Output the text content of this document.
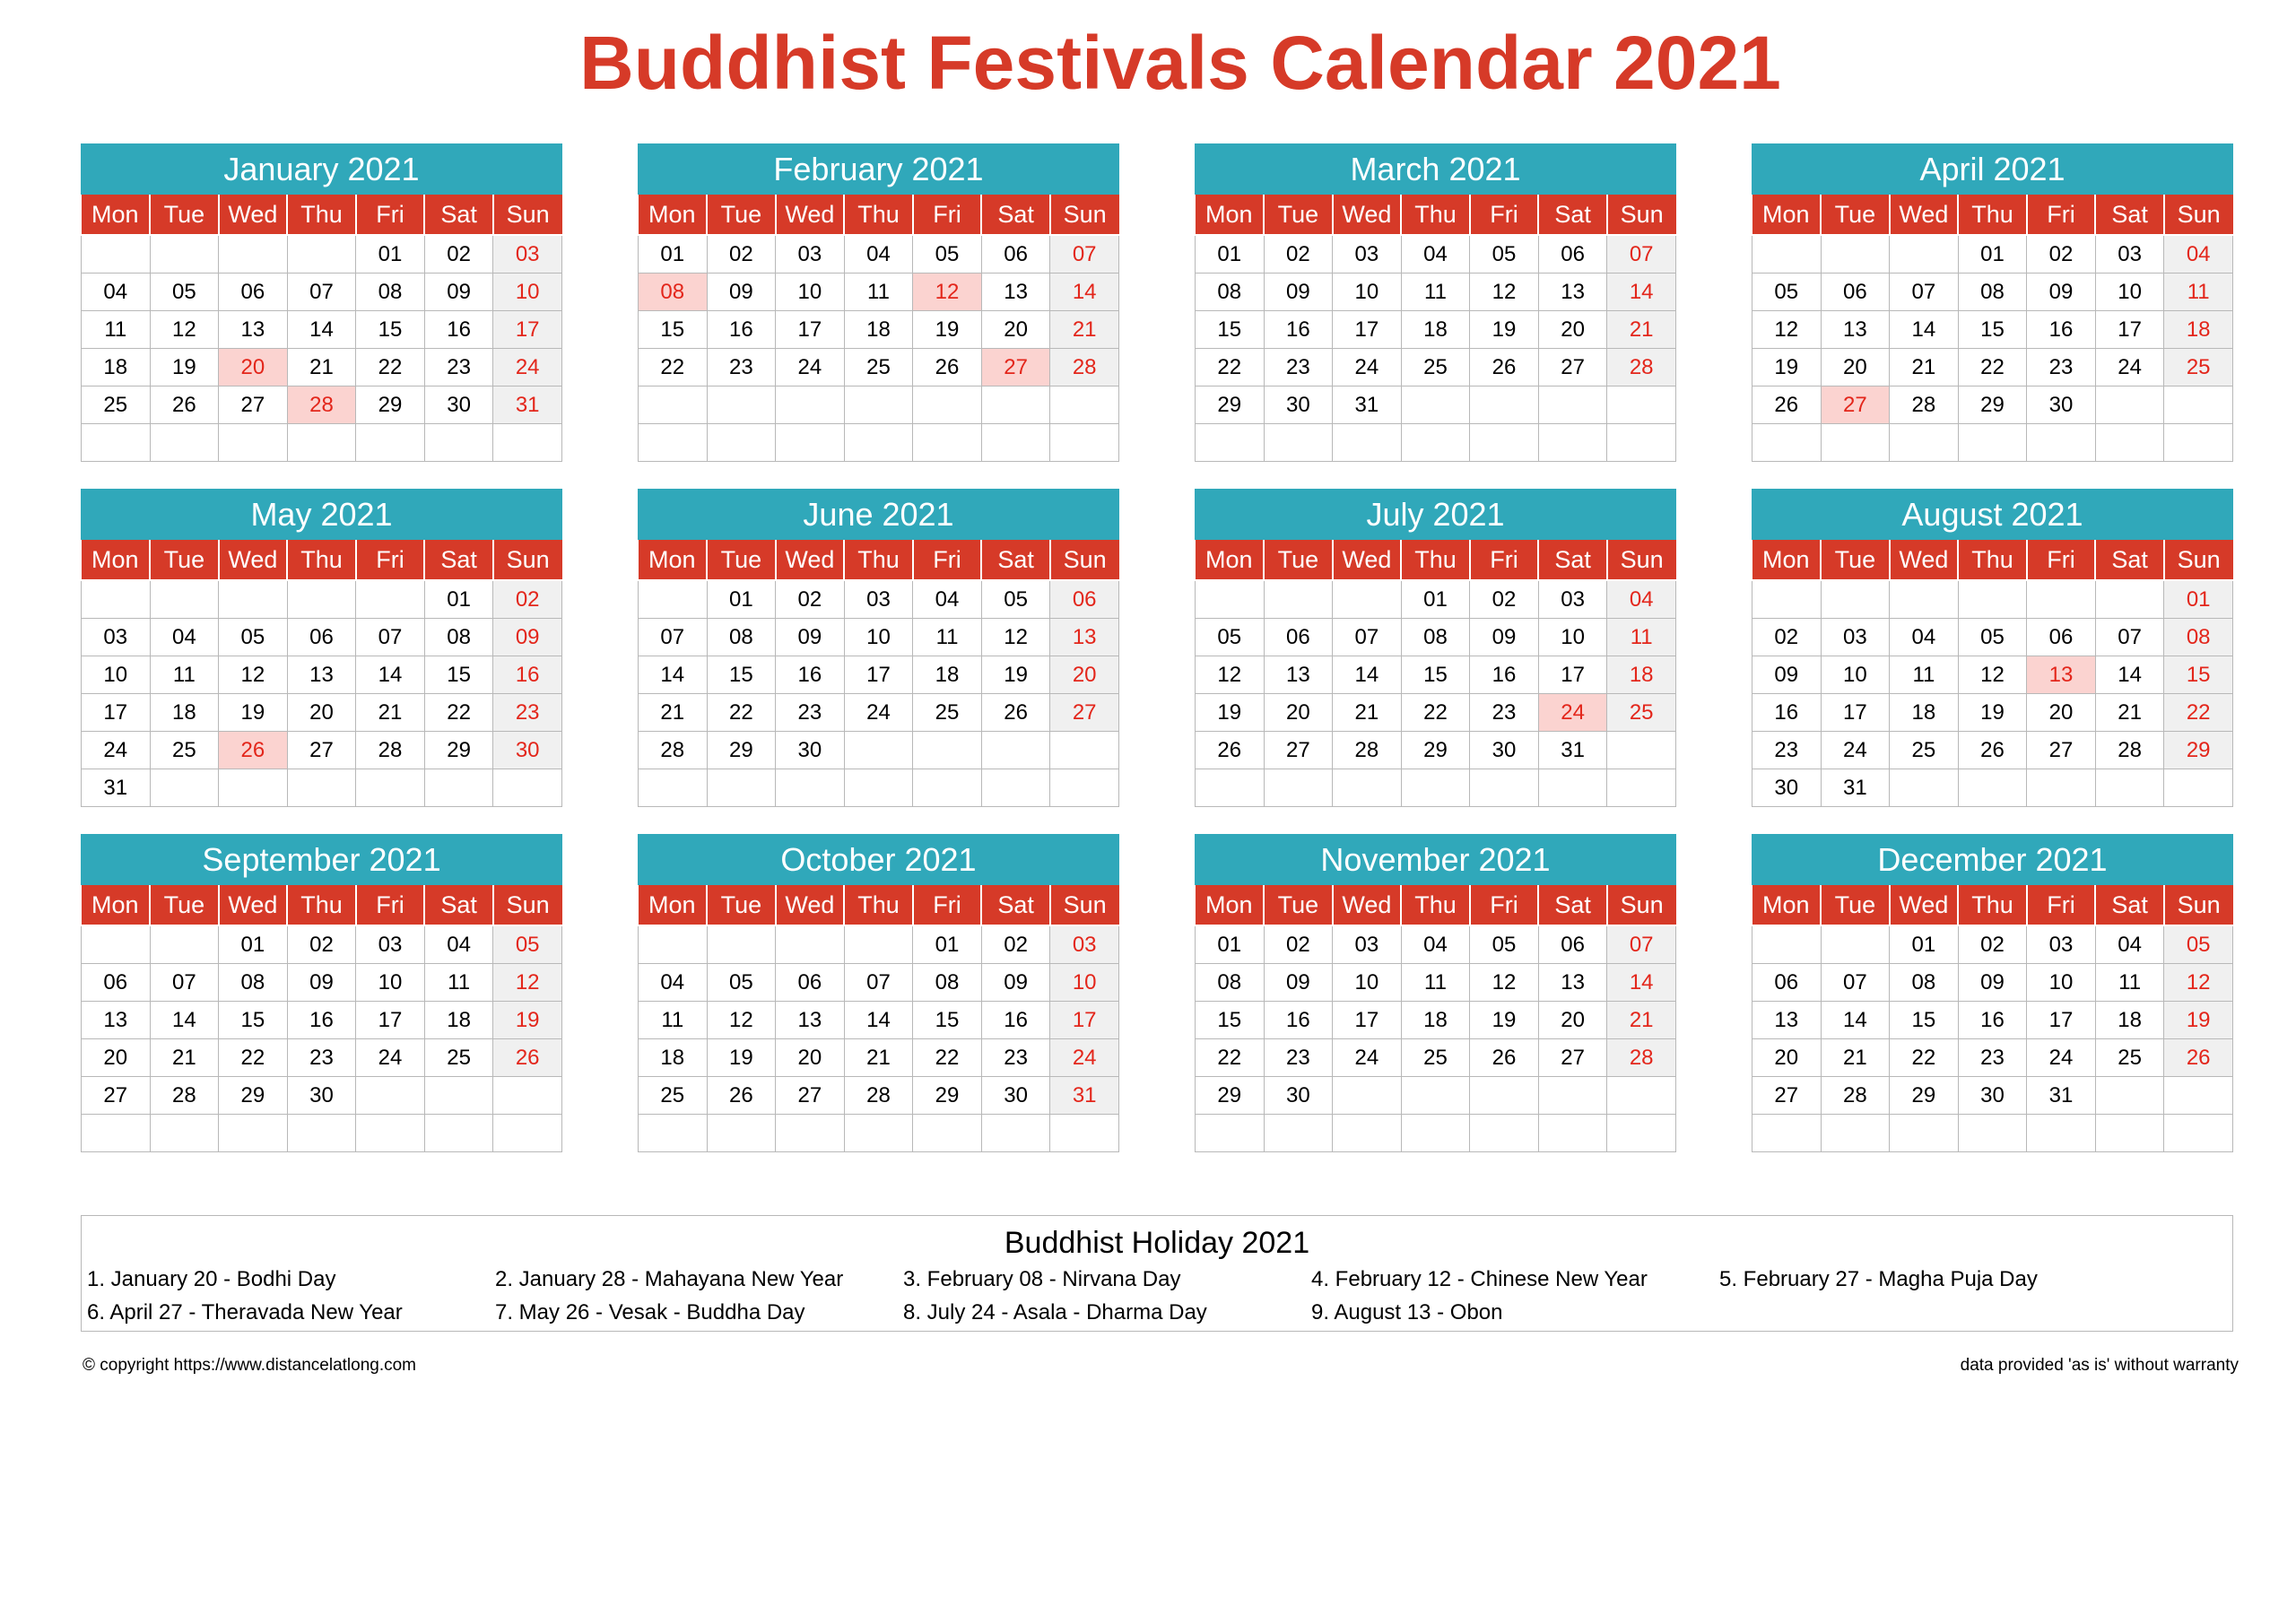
Buddhist Festivals Calendar 2021
January 2021
Mon	Tue	Wed	Thu	Fri	Sat	Sun
				01	02	03
04	05	06	07	08	09	10
11	12	13	14	15	16	17
18	19	20	21	22	23	24
25	26	27	28	29	30	31

February 2021
Mon	Tue	Wed	Thu	Fri	Sat	Sun
01	02	03	04	05	06	07
08	09	10	11	12	13	14
15	16	17	18	19	20	21
22	23	24	25	26	27	28

March 2021
Mon	Tue	Wed	Thu	Fri	Sat	Sun
01	02	03	04	05	06	07
08	09	10	11	12	13	14
15	16	17	18	19	20	21
22	23	24	25	26	27	28
29	30	31				

April 2021
Mon	Tue	Wed	Thu	Fri	Sat	Sun
			01	02	03	04
05	06	07	08	09	10	11
12	13	14	15	16	17	18
19	20	21	22	23	24	25
26	27	28	29	30		

May 2021
Mon	Tue	Wed	Thu	Fri	Sat	Sun
					01	02
03	04	05	06	07	08	09
10	11	12	13	14	15	16
17	18	19	20	21	22	23
24	25	26	27	28	29	30
31						
June 2021
Mon	Tue	Wed	Thu	Fri	Sat	Sun
	01	02	03	04	05	06
07	08	09	10	11	12	13
14	15	16	17	18	19	20
21	22	23	24	25	26	27
28	29	30				

July 2021
Mon	Tue	Wed	Thu	Fri	Sat	Sun
			01	02	03	04
05	06	07	08	09	10	11
12	13	14	15	16	17	18
19	20	21	22	23	24	25
26	27	28	29	30	31	

August 2021
Mon	Tue	Wed	Thu	Fri	Sat	Sun
						01
02	03	04	05	06	07	08
09	10	11	12	13	14	15
16	17	18	19	20	21	22
23	24	25	26	27	28	29
30	31					
September 2021
Mon	Tue	Wed	Thu	Fri	Sat	Sun
		01	02	03	04	05
06	07	08	09	10	11	12
13	14	15	16	17	18	19
20	21	22	23	24	25	26
27	28	29	30			

October 2021
Mon	Tue	Wed	Thu	Fri	Sat	Sun
				01	02	03
04	05	06	07	08	09	10
11	12	13	14	15	16	17
18	19	20	21	22	23	24
25	26	27	28	29	30	31

November 2021
Mon	Tue	Wed	Thu	Fri	Sat	Sun
01	02	03	04	05	06	07
08	09	10	11	12	13	14
15	16	17	18	19	20	21
22	23	24	25	26	27	28
29	30					

December 2021
Mon	Tue	Wed	Thu	Fri	Sat	Sun
		01	02	03	04	05
06	07	08	09	10	11	12
13	14	15	16	17	18	19
20	21	22	23	24	25	26
27	28	29	30	31		

Buddhist Holiday 2021
1. January 20 - Bodhi Day	2. January 28 - Mahayana New Year	3. February 08 - Nirvana Day	4. February 12 - Chinese New Year	5. February 27 - Magha Puja Day
6. April 27 - Theravada New Year	7. May 26 - Vesak - Buddha Day	8. July 24 - Asala - Dharma Day	9. August 13 - Obon
© copyright https://www.distancelatlong.com	data provided 'as is' without warranty
